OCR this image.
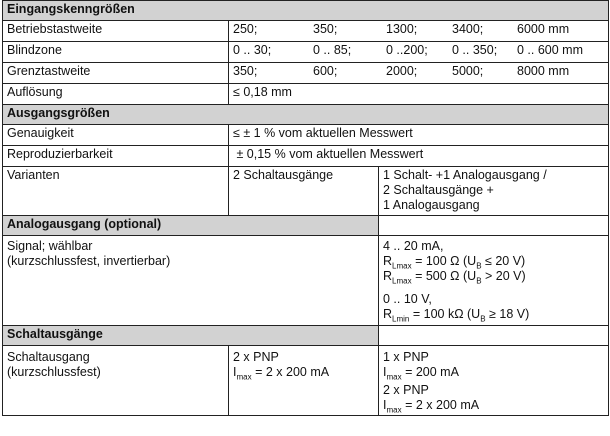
Eingangskenngrößen		
Betriebstastweite	250; 350; 1300; 3400; 6000 mm	

Blindzone	0 .. 30; 0 .. 85; 0 ..200; 0 .. 350; 0 .. 600 mm	

Grenztastweite	350; 600; 2000; 5000; 8000 mm	

Auflösung	≤ 0,18 mm	
Ausgangsgrößen		
Genauigkeit	≤ ± 1 % vom aktuellen Messwert	
Reproduzierbarkeit	± 0,15 % vom aktuellen Messwert	
Varianten	2 Schaltausgänge	1 Schalt- +1 Analogausgang /
2 Schaltausgänge +
1 Analogausgang

Analogausgang (optional)		

Signal; wählbar
(kurzschlussfest, invertierbar)		4 .. 20 mA,
$R_{Lmax} = 100$ Ω ($U_B \le 20$ V)
$R_{Lmax} = 500$ Ω ($U_B > 20$ V)
0 .. 10 V,
$R_{Lmin} = 100$ kΩ ($U_B \ge 18$ V)

Schaltausgänge		

Schaltausgang
(kurzschlussfest)	2 x PNP
$I_{max} = 2$ x 200 mA	1 x PNP
$I_{max} = 200$ mA
2 x PNP
$I_{max} = 2$ x 200 mA
